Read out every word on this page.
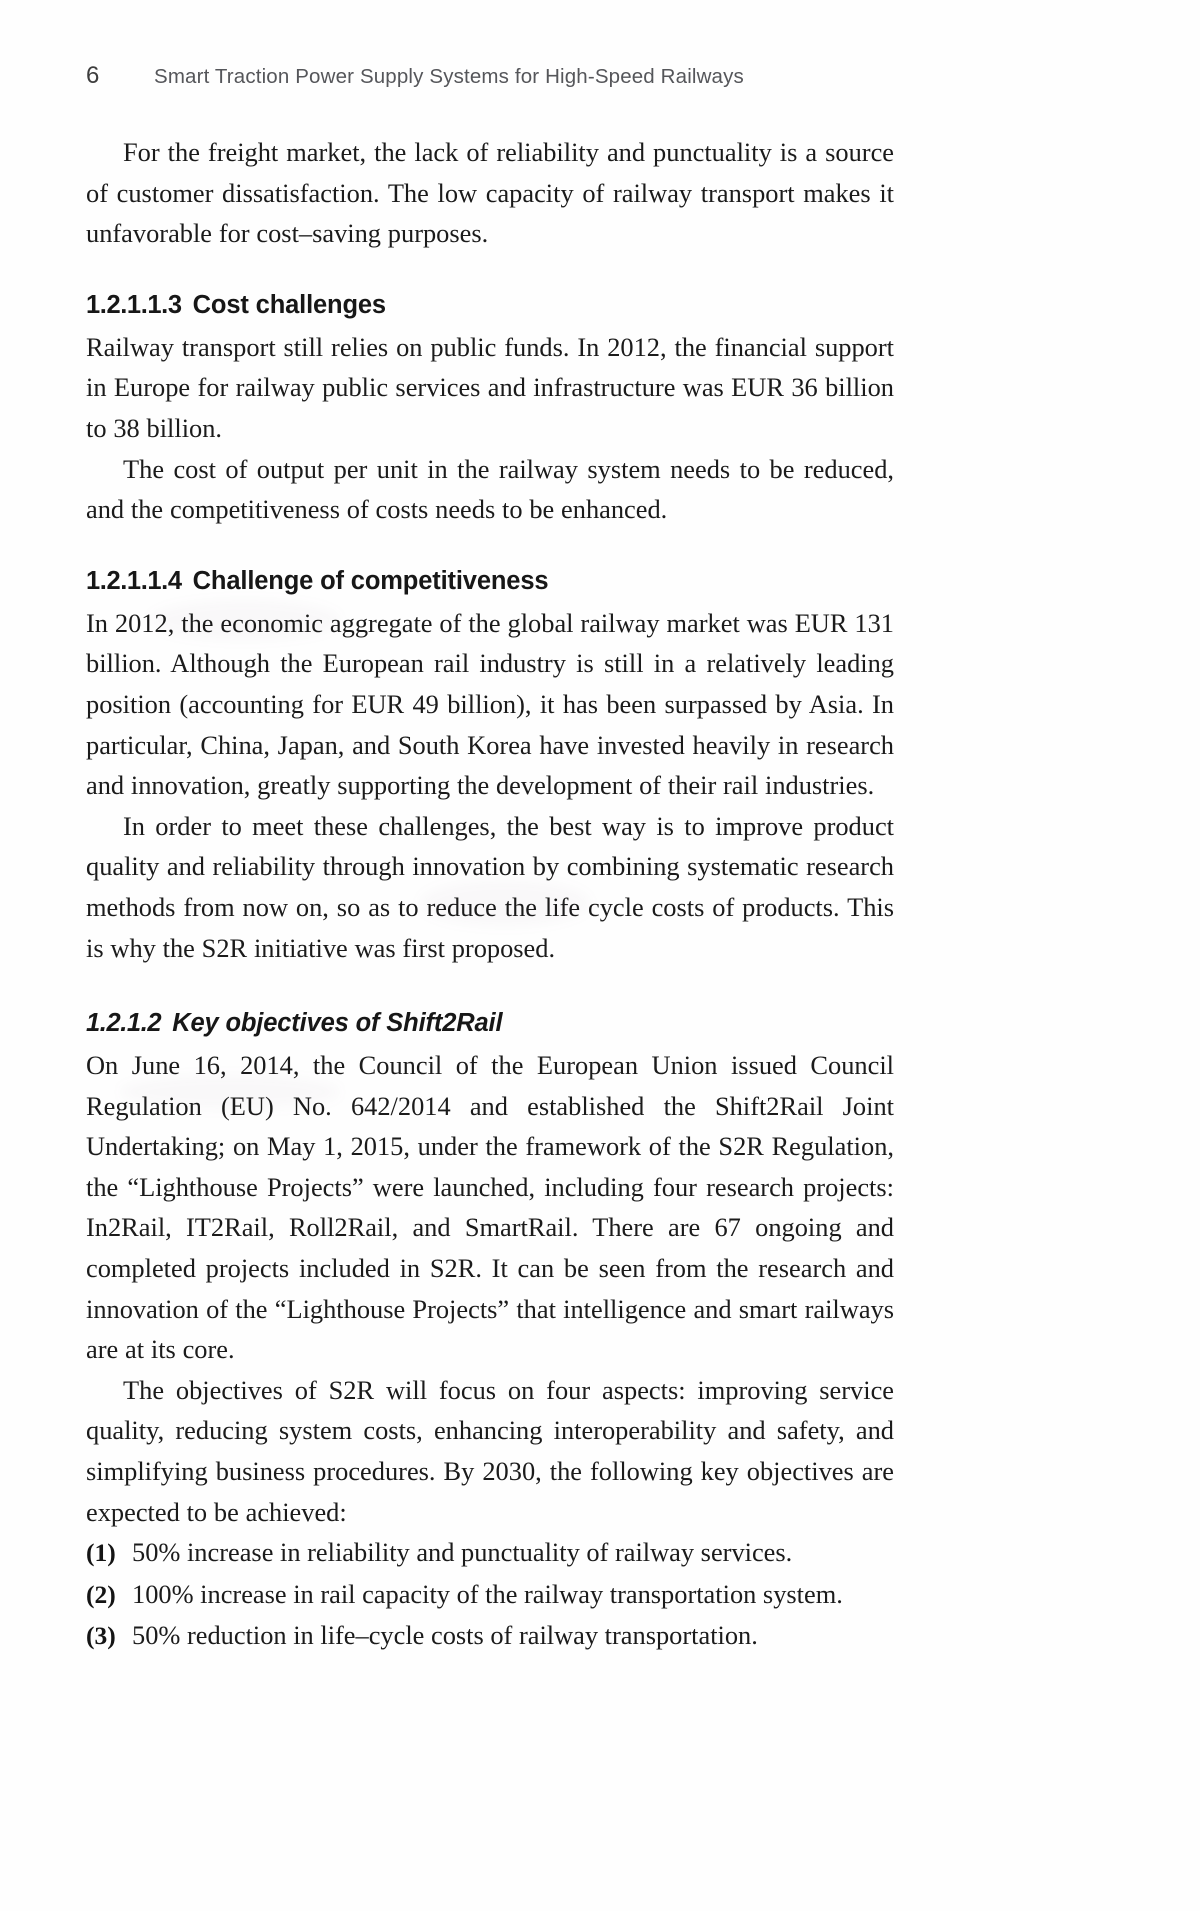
6	Smart Traction Power Supply Systems for High-Speed Railways

For the freight market, the lack of reliability and punctuality is a source of customer dissatisfaction. The low capacity of railway transport makes it unfavorable for cost–saving purposes.

1.2.1.1.3 Cost challenges

Railway transport still relies on public funds. In 2012, the financial support in Europe for railway public services and infrastructure was EUR 36 billion to 38 billion.

The cost of output per unit in the railway system needs to be reduced, and the competitiveness of costs needs to be enhanced.

1.2.1.1.4 Challenge of competitiveness

In 2012, the economic aggregate of the global railway market was EUR 131 billion. Although the European rail industry is still in a relatively leading position (accounting for EUR 49 billion), it has been surpassed by Asia. In particular, China, Japan, and South Korea have invested heavily in research and innovation, greatly supporting the development of their rail industries.

In order to meet these challenges, the best way is to improve product quality and reliability through innovation by combining systematic research methods from now on, so as to reduce the life cycle costs of products. This is why the S2R initiative was first proposed.

1.2.1.2 Key objectives of Shift2Rail

On June 16, 2014, the Council of the European Union issued Council Regulation (EU) No. 642/2014 and established the Shift2Rail Joint Undertaking; on May 1, 2015, under the framework of the S2R Regulation, the “Lighthouse Projects” were launched, including four research projects: In2Rail, IT2Rail, Roll2Rail, and SmartRail. There are 67 ongoing and completed projects included in S2R. It can be seen from the research and innovation of the “Lighthouse Projects” that intelligence and smart railways are at its core.

The objectives of S2R will focus on four aspects: improving service quality, reducing system costs, enhancing interoperability and safety, and simplifying business procedures. By 2030, the following key objectives are expected to be achieved:

(1) 50% increase in reliability and punctuality of railway services.
(2) 100% increase in rail capacity of the railway transportation system.
(3) 50% reduction in life–cycle costs of railway transportation.
